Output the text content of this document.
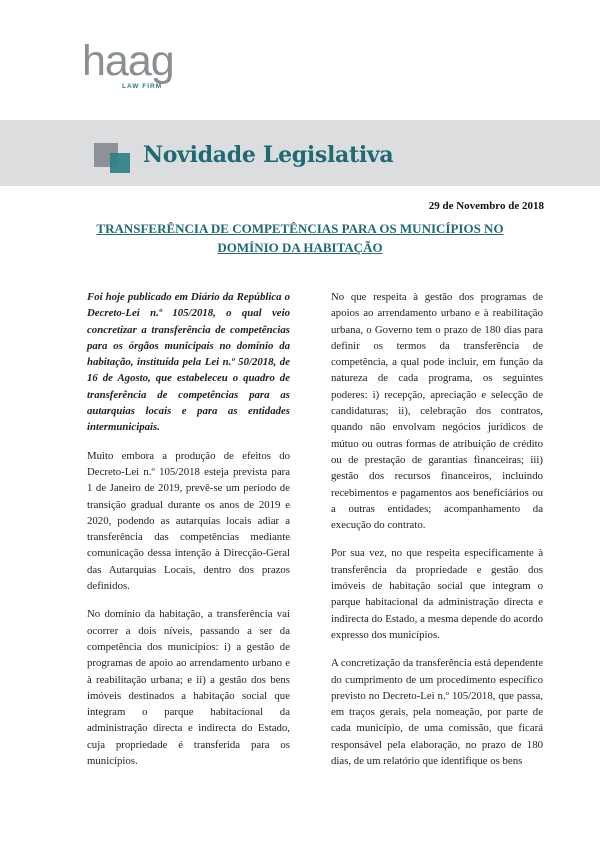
haag
LAW FIRM
Novidade Legislativa
29 de Novembro de 2018
TRANSFERÊNCIA DE COMPETÊNCIAS PARA OS MUNICÍPIOS NO DOMÍNIO DA HABITAÇÃO

Foi hoje publicado em Diário da República o Decreto-Lei n.º 105/2018, o qual veio concretizar a transferência de competências para os órgãos municipais no domínio da habitação, instituída pela Lei n.º 50/2018, de 16 de Agosto, que estabeleceu o quadro de transferência de competências para as autarquias locais e para as entidades intermunicipais.

Muito embora a produção de efeitos do Decreto-Lei n.º 105/2018 esteja prevista para 1 de Janeiro de 2019, prevê-se um período de transição gradual durante os anos de 2019 e 2020, podendo as autarquias locais adiar a transferência das competências mediante comunicação dessa intenção à Direcção-Geral das Autarquias Locais, dentro dos prazos definidos.

No domínio da habitação, a transferência vai ocorrer a dois níveis, passando a ser da competência dos municípios: i) a gestão de programas de apoio ao arrendamento urbano e à reabilitação urbana; e ii) a gestão dos bens imóveis destinados a habitação social que integram o parque habitacional da administração directa e indirecta do Estado, cuja propriedade é transferida para os municípios.

No que respeita à gestão dos programas de apoios ao arrendamento urbano e à reabilitação urbana, o Governo tem o prazo de 180 dias para definir os termos da transferência de competência, a qual pode incluir, em função da natureza de cada programa, os seguintes poderes: i) recepção, apreciação e selecção de candidaturas; ii), celebração dos contratos, quando não envolvam negócios jurídicos de mútuo ou outras formas de atribuição de crédito ou de prestação de garantias financeiras; iii) gestão dos recursos financeiros, incluindo recebimentos e pagamentos aos beneficiários ou a outras entidades; acompanhamento da execução do contrato.

Por sua vez, no que respeita especificamente à transferência da propriedade e gestão dos imóveis de habitação social que integram o parque habitacional da administração directa e indirecta do Estado, a mesma depende do acordo expresso dos municípios.

A concretização da transferência está dependente do cumprimento de um procedimento específico previsto no Decreto-Lei n.º 105/2018, que passa, em traços gerais, pela nomeação, por parte de cada município, de uma comissão, que ficará responsável pela elaboração, no prazo de 180 dias, de um relatório que identifique os bens
